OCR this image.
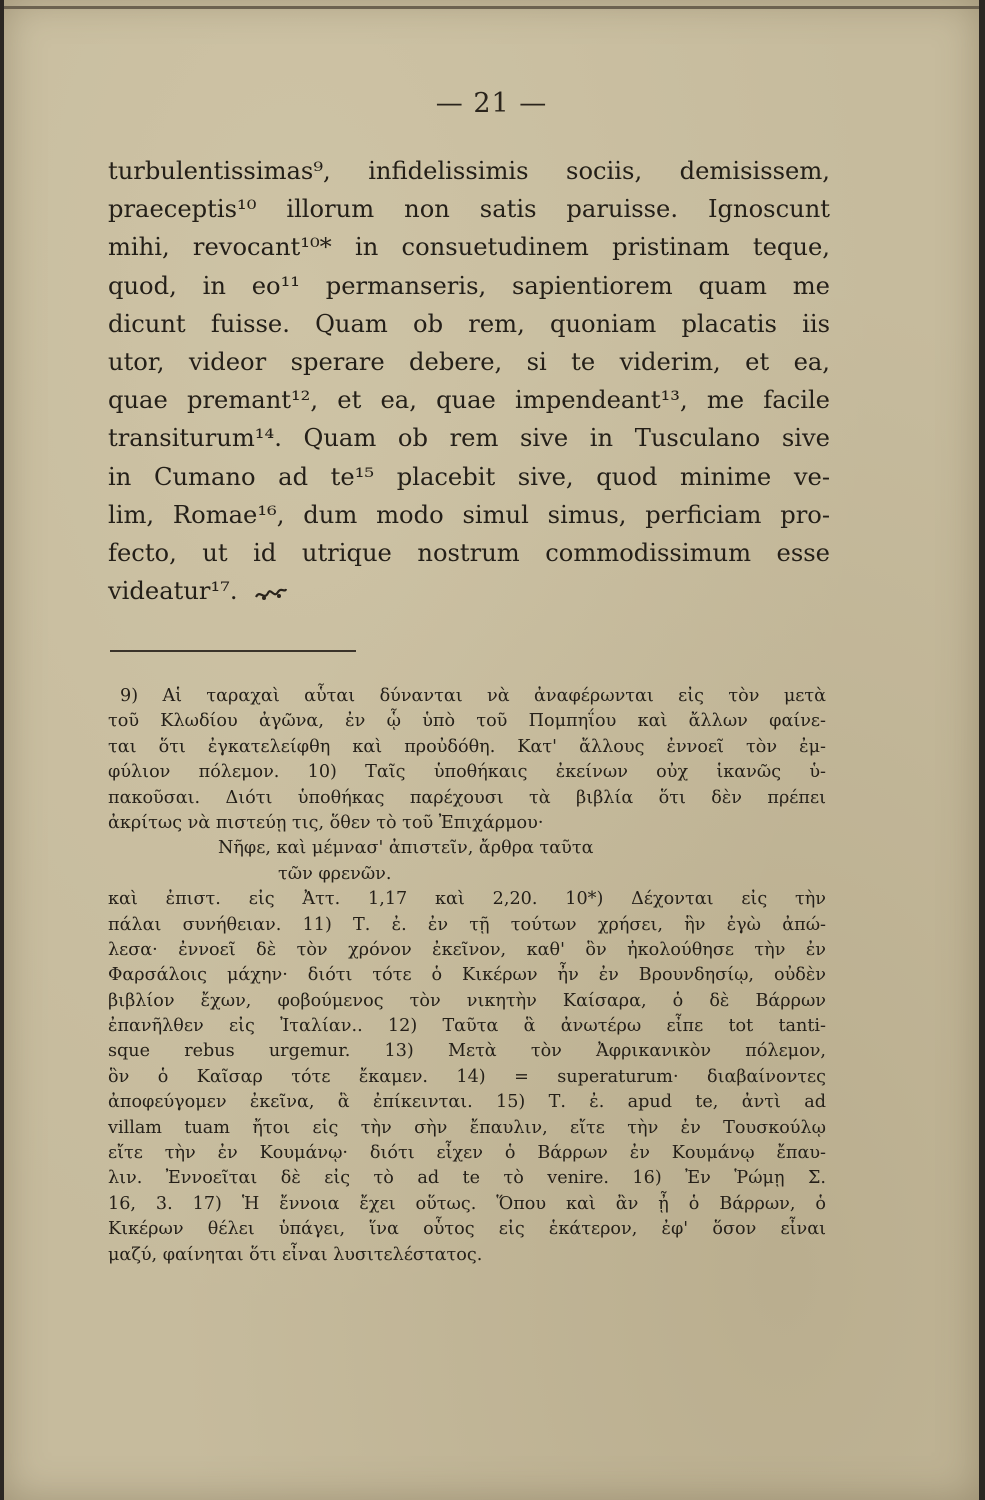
— 21 —
turbulentissimas⁹, infidelissimis sociis, demisissem,
praeceptis¹⁰ illorum non satis paruisse. Ignoscunt
mihi, revocant¹⁰* in consuetudinem pristinam teque,
quod, in eo¹¹ permanseris, sapientiorem quam me
dicunt fuisse. Quam ob rem, quoniam placatis iis
utor, videor sperare debere, si te viderim, et ea,
quae premant¹², et ea, quae impendeant¹³, me facile
transiturum¹⁴. Quam ob rem sive in Tusculano sive
in Cumano ad te¹⁵ placebit sive, quod minime ve-
lim, Romae¹⁶, dum modo simul simus, perficiam pro-
fecto, ut id utrique nostrum commodissimum esse
videatur¹⁷.
9) Αἱ ταραχαὶ αὗται δύνανται νὰ ἀναφέρωνται εἰς τὸν μετὰ
τοῦ Κλωδίου ἀγῶνα, ἐν ᾧ ὑπὸ τοῦ Πομπηΐου καὶ ἄλλων φαίνε-
ται ὅτι ἐγκατελείφθη καὶ προὐδόθη. Κατ' ἄλλους ἐννοεῖ τὸν ἐμ-
φύλιον πόλεμον. 10) Ταῖς ὑποθήκαις ἐκείνων οὐχ ἱκανῶς ὑ-
πακοῦσαι. Διότι ὑποθήκας παρέχουσι τὰ βιβλία ὅτι δὲν πρέπει
ἀκρίτως νὰ πιστεύῃ τις, ὅθεν τὸ τοῦ Ἐπιχάρμου·
Νῆφε, καὶ μέμνασ' ἀπιστεῖν, ἄρθρα ταῦτα
τῶν φρενῶν.
καὶ ἐπιστ. εἰς Ἀττ. 1,17 καὶ 2,20. 10*) Δέχονται εἰς τὴν
πάλαι συνήθειαν. 11) Τ. ἐ. ἐν τῇ τούτων χρήσει, ἣν ἐγὼ ἀπώ-
λεσα· ἐννοεῖ δὲ τὸν χρόνον ἐκεῖνον, καθ' ὃν ἠκολούθησε τὴν ἐν
Φαρσάλοις μάχην· διότι τότε ὁ Κικέρων ἦν ἐν Βρουνδησίῳ, οὐδὲν
βιβλίον ἔχων, φοβούμενος τὸν νικητὴν Καίσαρα, ὁ δὲ Βάρρων
ἐπανῆλθεν εἰς Ἰταλίαν.. 12) Ταῦτα ἃ ἀνωτέρω εἶπε tot tanti-
sque rebus urgemur. 13) Μετὰ τὸν Ἀφρικανικὸν πόλεμον,
ὃν ὁ Καῖσαρ τότε ἔκαμεν. 14) = superaturum· διαβαίνοντες
ἀποφεύγομεν ἐκεῖνα, ἃ ἐπίκεινται. 15) Τ. ἐ. apud te, ἀντὶ ad
villam tuam ἤτοι εἰς τὴν σὴν ἔπαυλιν, εἴτε τὴν ἐν Τουσκούλῳ
εἴτε τὴν ἐν Κουμάνῳ· διότι εἶχεν ὁ Βάρρων ἐν Κουμάνῳ ἔπαυ-
λιν. Ἐννοεῖται δὲ εἰς τὸ ad te τὸ venire. 16) Ἐν Ῥώμῃ Σ.
16, 3. 17) Ἡ ἔννοια ἔχει οὕτως. Ὅπου καὶ ἂν ᾖ ὁ Βάρρων, ὁ
Κικέρων θέλει ὑπάγει, ἵνα οὗτος εἰς ἑκάτερον, ἐφ' ὅσον εἶναι
μαζύ, φαίνηται ὅτι εἶναι λυσιτελέστατος.
